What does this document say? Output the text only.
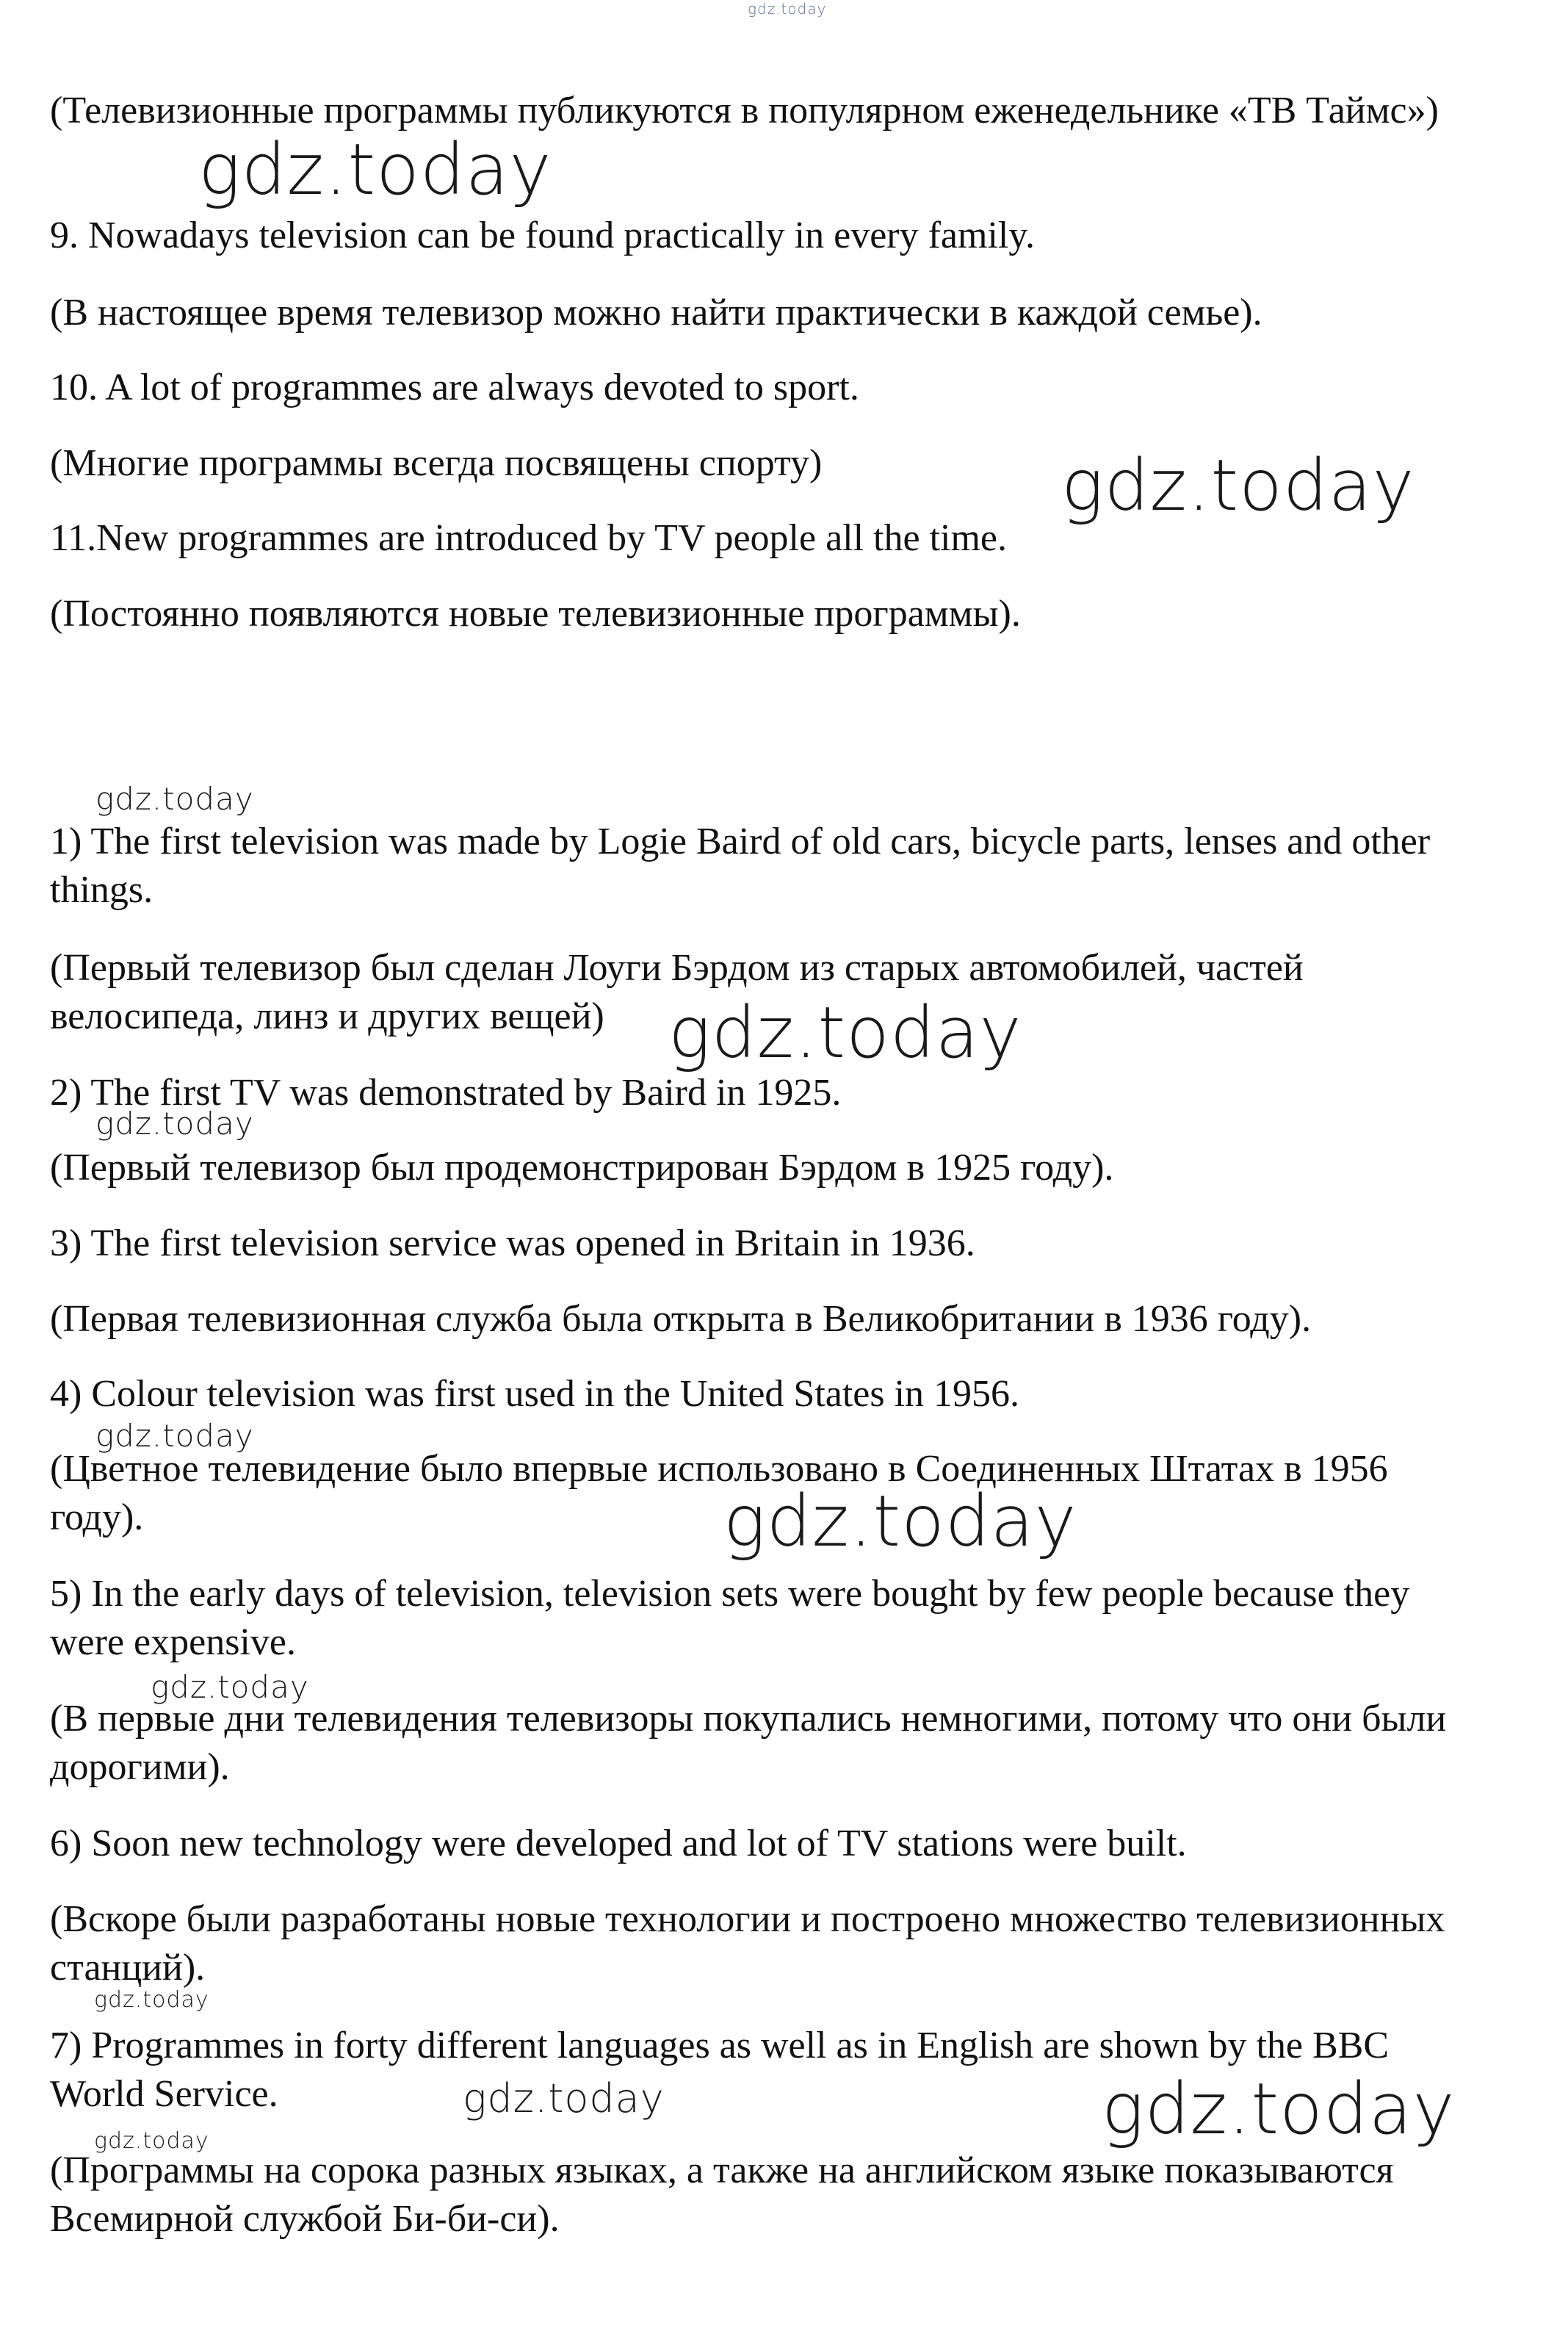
gdz.today

(Телевизионные программы публикуются в популярном еженедельнике «ТВ Таймс»)

9. Nowadays television can be found practically in every family.

(В настоящее время телевизор можно найти практически в каждой семье).

10. A lot of programmes are always devoted to sport.

(Многие программы всегда посвящены спорту)

11.New programmes are introduced by TV people all the time.

(Постоянно появляются новые телевизионные программы).

1) The first television was made by Logie Baird of old cars, bicycle parts, lenses and other things.

(Первый телевизор был сделан Лоуги Бэрдом из старых автомобилей, частей велосипеда, линз и других вещей)

2) The first TV was demonstrated by Baird in 1925.

(Первый телевизор был продемонстрирован Бэрдом в 1925 году).

3) The first television service was opened in Britain in 1936.

(Первая телевизионная служба была открыта в Великобритании в 1936 году).

4) Colour television was first used in the United States in 1956.

(Цветное телевидение было впервые использовано в Соединенных Штатах в 1956 году).

5) In the early days of television, television sets were bought by few people because they were expensive.

(В первые дни телевидения телевизоры покупались немногими, потому что они были дорогими).

6) Soon new technology were developed and lot of TV stations were built.

(Вскоре были разработаны новые технологии и построено множество телевизионных станций).

7) Programmes in forty different languages as well as in English are shown by the BBC World Service.

(Программы на сорока разных языках, а также на английском языке показываются Всемирной службой Би-би-си).

gdz.today
gdz.today
gdz.today
gdz.today
gdz.today
gdz.today
gdz.today
gdz.today
gdz.today
gdz.today	gdz.today
gdz.today
